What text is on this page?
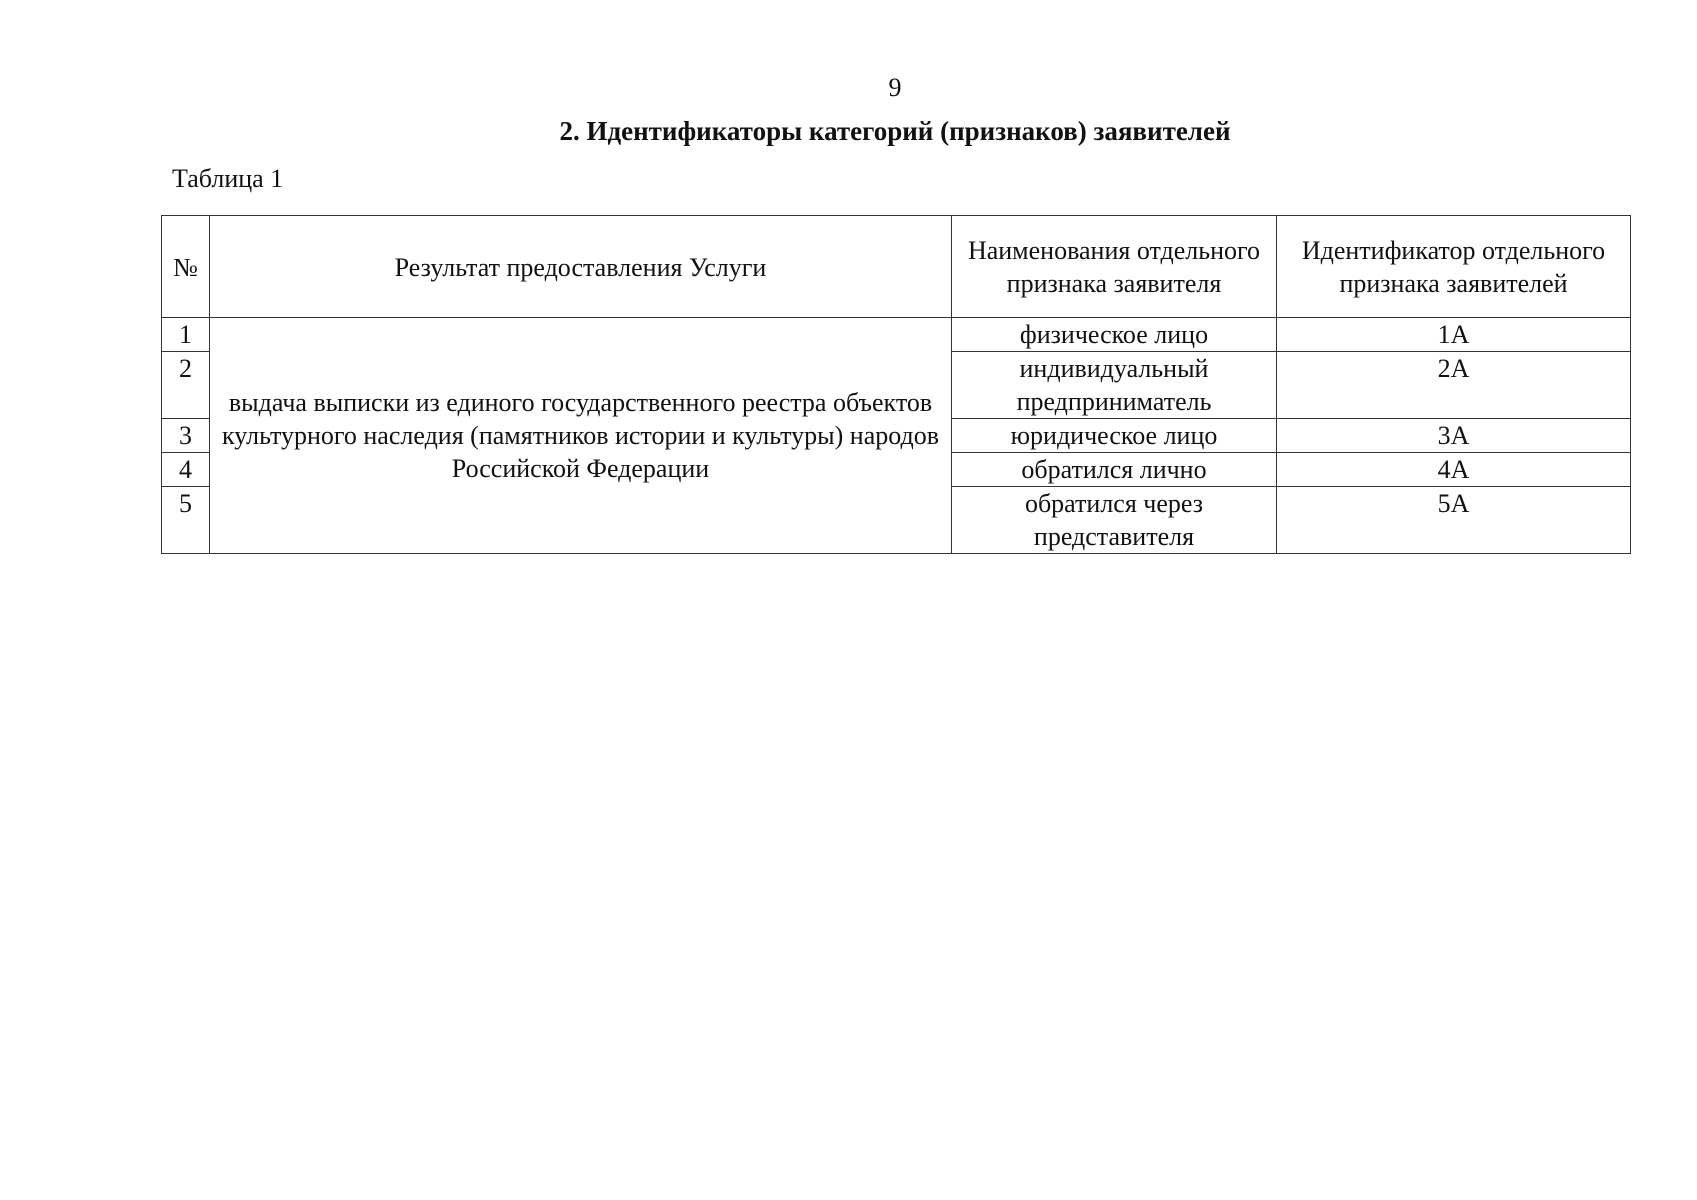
9
2. Идентификаторы категорий (признаков) заявителей
Таблица 1
№	Результат предоставления Услуги	Наименования отдельного признака заявителя	Идентификатор отдельного признака заявителей
1	выдача выписки из единого государственного реестра объектов культурного наследия (памятников истории и культуры) народов Российской Федерации	физическое лицо	1А
2		индивидуальный предприниматель	2А
3		юридическое лицо	3А
4		обратился лично	4А
5		обратился через представителя	5А
